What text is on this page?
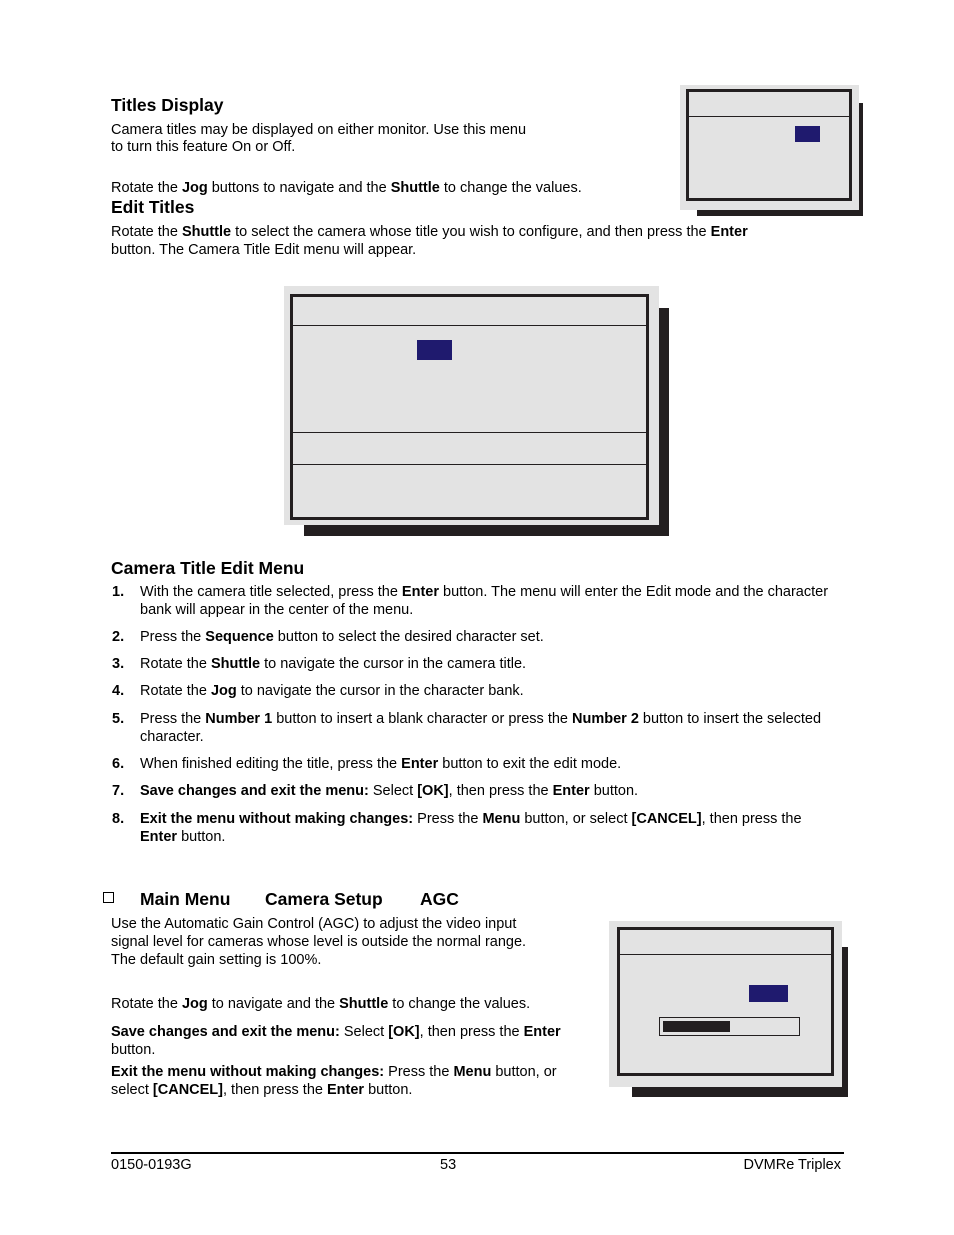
Titles Display

Camera titles may be displayed on either monitor. Use this menu

to turn this feature On or Off.

Rotate the Jog buttons to navigate and the Shuttle to change the values.

Edit Titles

Rotate the Shuttle to select the camera whose title you wish to configure, and then press the Enter

button. The Camera Title Edit menu will appear.

Camera Title Edit Menu
1. With the camera title selected, press the Enter button. The menu will enter the Edit mode and the character bank will appear in the center of the menu.
2. Press the Sequence button to select the desired character set.
3. Rotate the Shuttle to navigate the cursor in the camera title.
4. Rotate the Jog to navigate the cursor in the character bank.
5. Press the Number 1 button to insert a blank character or press the Number 2 button to insert the selected character.
6. When finished editing the title, press the Enter button to exit the edit mode.
7. Save changes and exit the menu: Select [OK], then press the Enter button.
8. Exit the menu without making changes: Press the Menu button, or select [CANCEL], then press the Enter button.
Main Menu Camera Setup AGC

Use the Automatic Gain Control (AGC) to adjust the video input

signal level for cameras whose level is outside the normal range.

The default gain setting is 100%.

Rotate the Jog to navigate and the Shuttle to change the values.

Save changes and exit the menu: Select [OK], then press the Enter button.

Exit the menu without making changes: Press the Menu button, or select [CANCEL], then press the Enter button.

0150-0193G	53	DVMRe Triplex
